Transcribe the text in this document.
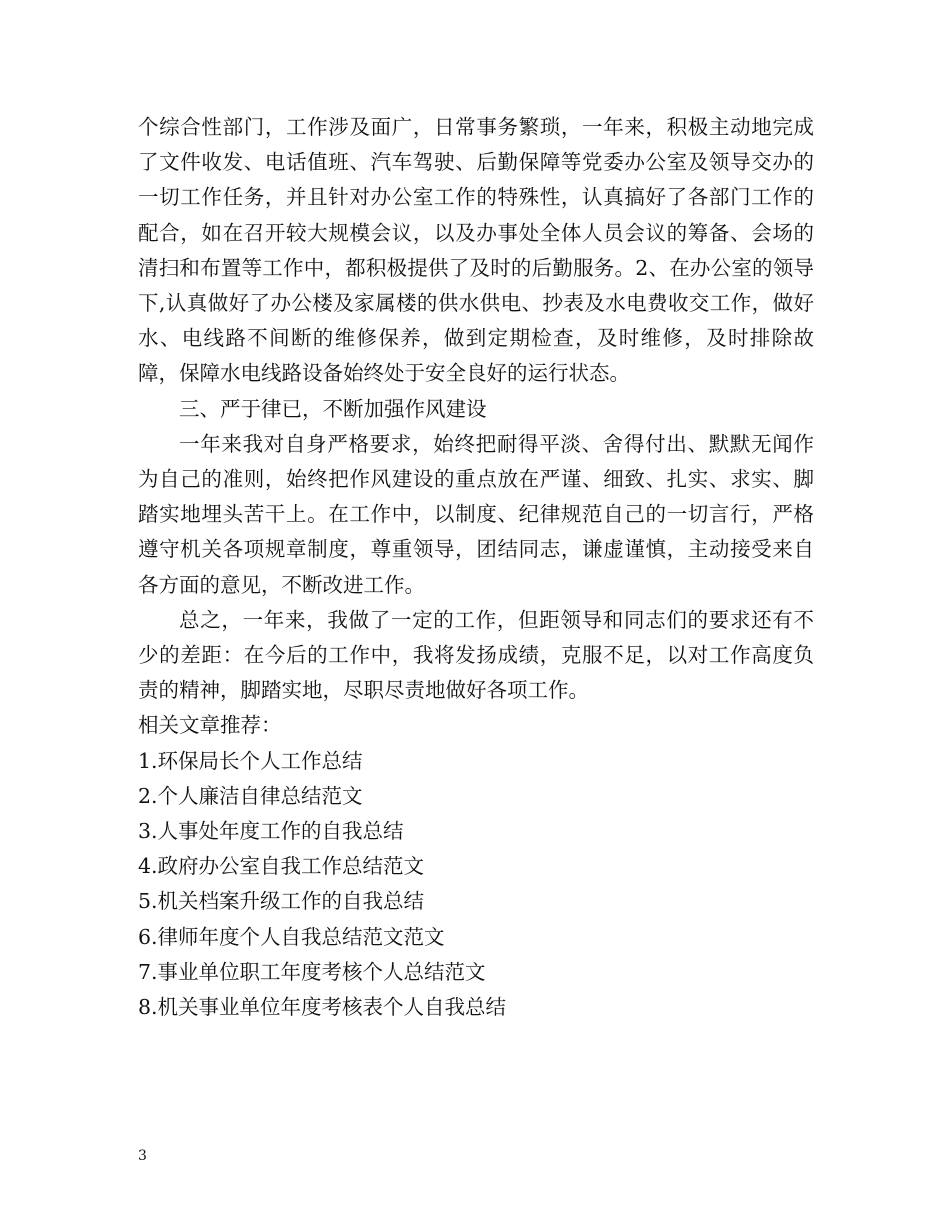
个综合性部门，工作涉及面广，日常事务繁琐，一年来，积极主动地完成了文件收发、电话值班、汽车驾驶、后勤保障等党委办公室及领导交办的一切工作任务，并且针对办公室工作的特殊性，认真搞好了各部门工作的配合，如在召开较大规模会议，以及办事处全体人员会议的筹备、会场的清扫和布置等工作中，都积极提供了及时的后勤服务。2、在办公室的领导下,认真做好了办公楼及家属楼的供水供电、抄表及水电费收交工作，做好水、电线路不间断的维修保养，做到定期检查，及时维修，及时排除故障，保障水电线路设备始终处于安全良好的运行状态。

三、严于律已，不断加强作风建设

一年来我对自身严格要求，始终把耐得平淡、舍得付出、默默无闻作为自己的准则，始终把作风建设的重点放在严谨、细致、扎实、求实、脚踏实地埋头苦干上。在工作中，以制度、纪律规范自己的一切言行，严格遵守机关各项规章制度，尊重领导，团结同志，谦虚谨慎，主动接受来自各方面的意见，不断改进工作。

总之，一年来，我做了一定的工作，但距领导和同志们的要求还有不少的差距：在今后的工作中，我将发扬成绩，克服不足，以对工作高度负责的精神，脚踏实地，尽职尽责地做好各项工作。

相关文章推荐：

1.环保局长个人工作总结

2.个人廉洁自律总结范文

3.人事处年度工作的自我总结

4.政府办公室自我工作总结范文

5.机关档案升级工作的自我总结

6.律师年度个人自我总结范文范文

7.事业单位职工年度考核个人总结范文

8.机关事业单位年度考核表个人自我总结

3
